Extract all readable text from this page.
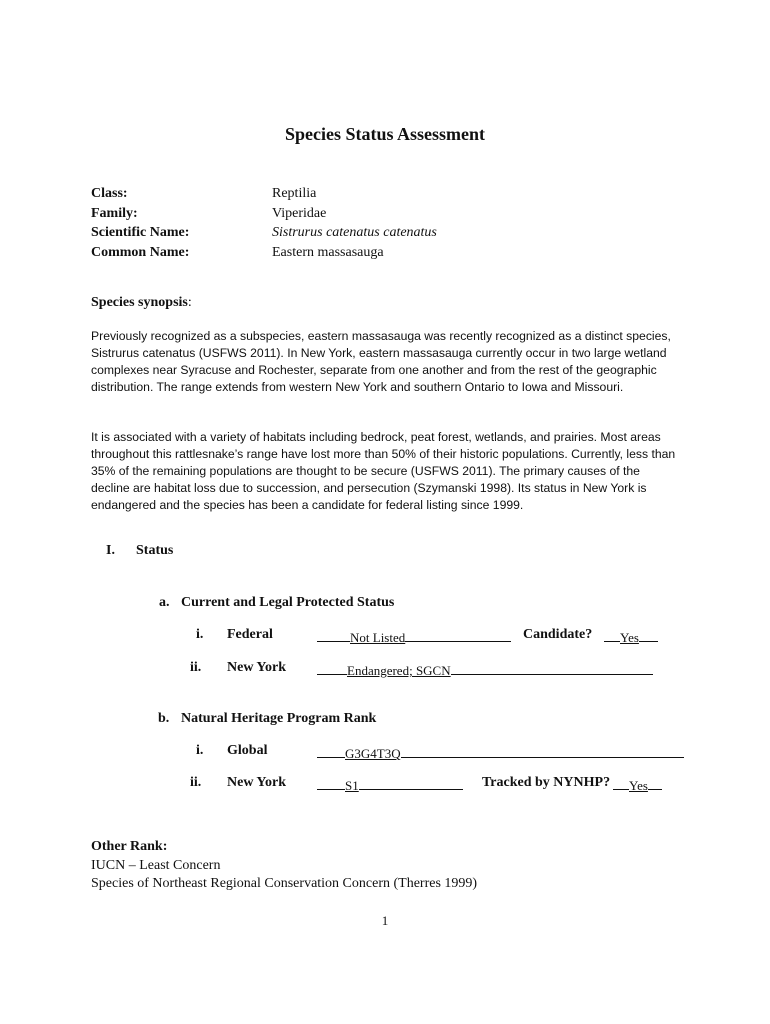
Species Status Assessment
Class:	Reptilia
Family:	Viperidae
Scientific Name:	Sistrurus catenatus catenatus
Common Name:	Eastern massasauga
Species synopsis:
Previously recognized as a subspecies, eastern massasauga was recently recognized as a distinct species, Sistrurus catenatus (USFWS 2011). In New York, eastern massasauga currently occur in two large wetland complexes near Syracuse and Rochester, separate from one another and from the rest of the geographic distribution. The range extends from western New York and southern Ontario to Iowa and Missouri.
It is associated with a variety of habitats including bedrock, peat forest, wetlands, and prairies. Most areas throughout this rattlesnake’s range have lost more than 50% of their historic populations. Currently, less than 35% of the remaining populations are thought to be secure (USFWS 2011). The primary causes of the decline are habitat loss due to succession, and persecution (Szymanski 1998). Its status in New York is endangered and the species has been a candidate for federal listing since 1999.
I. Status
a. Current and Legal Protected Status
i. Federal	Not Listed	Candidate?	Yes
ii. New York	Endangered; SGCN
b. Natural Heritage Program Rank
i. Global	G3G4T3Q
ii. New York	S1	Tracked by NYNHP?	Yes
Other Rank:
IUCN – Least Concern
Species of Northeast Regional Conservation Concern (Therres 1999)
1
